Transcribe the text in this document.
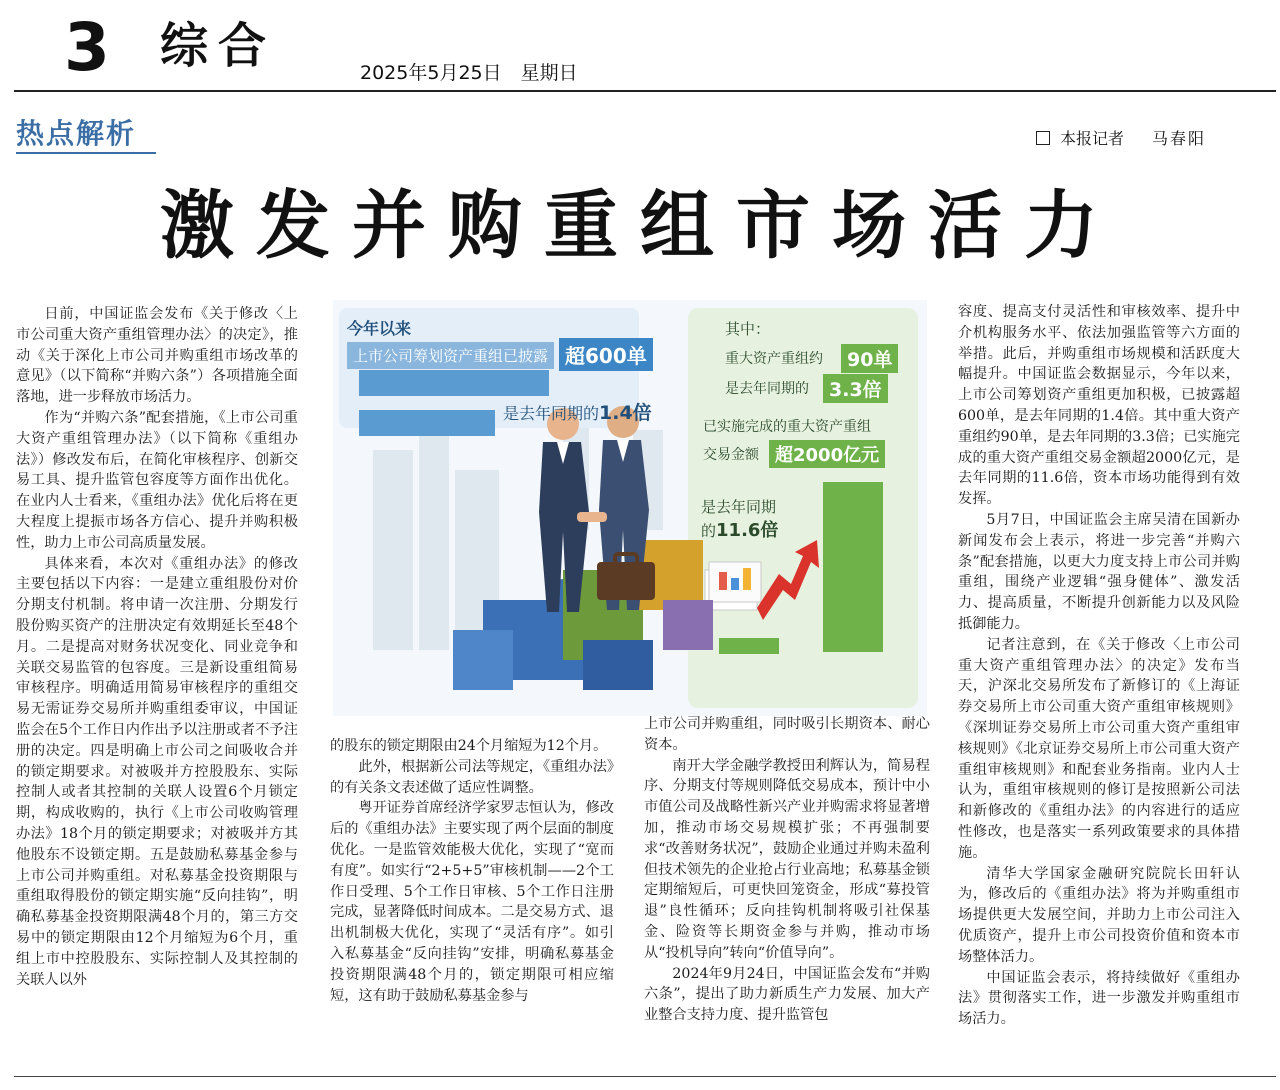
3 综合	2025年5月25日　星期日
热点解析	本报记者 马春阳
激发并购重组市场活力

日前，中国证监会发布《关于修改〈上市公司重大资产重组管理办法〉的决定》，推动《关于深化上市公司并购重组市场改革的意见》（以下简称“并购六条”）各项措施全面落地，进一步释放市场活力。

作为“并购六条”配套措施，《上市公司重大资产重组管理办法》（以下简称《重组办法》）修改发布后，在简化审核程序、创新交易工具、提升监管包容度等方面作出优化。在业内人士看来，《重组办法》优化后将在更大程度上提振市场各方信心、提升并购积极性，助力上市公司高质量发展。

具体来看，本次对《重组办法》的修改主要包括以下内容：一是建立重组股份对价分期支付机制。将申请一次注册、分期发行股份购买资产的注册决定有效期延长至48个月。二是提高对财务状况变化、同业竞争和关联交易监管的包容度。三是新设重组简易审核程序。明确适用简易审核程序的重组交易无需证券交易所并购重组委审议，中国证监会在5个工作日内作出予以注册或者不予注册的决定。四是明确上市公司之间吸收合并的锁定期要求。对被吸并方控股股东、实际控制人或者其控制的关联人设置6个月锁定期，构成收购的，执行《上市公司收购管理办法》18个月的锁定期要求；对被吸并方其他股东不设锁定期。五是鼓励私募基金参与上市公司并购重组。对私募基金投资期限与重组取得股份的锁定期实施“反向挂钩”，明确私募基金投资期限满48个月的，第三方交易中的锁定期限由12个月缩短为6个月，重组上市中控股股东、实际控制人及其控制的关联人以外

今年以来
上市公司筹划资产重组已披露 超600单
是去年同期的1.4倍
其中：
重大资产重组约	90单
是去年同期的	3.3倍
已实施完成的重大资产重组
交易金额 超2000亿元
是去年同期
的11.6倍

的股东的锁定期限由24个月缩短为12个月。

此外，根据新公司法等规定，《重组办法》的有关条文表述做了适应性调整。

粤开证券首席经济学家罗志恒认为，修改后的《重组办法》主要实现了两个层面的制度优化。一是监管效能极大优化，实现了“宽而有度”。如实行“2+5+5”审核机制——2个工作日受理、5个工作日审核、5个工作日注册完成，显著降低时间成本。二是交易方式、退出机制极大优化，实现了“灵活有序”。如引入私募基金“反向挂钩”安排，明确私募基金投资期限满48个月的，锁定期限可相应缩短，这有助于鼓励私募基金参与

上市公司并购重组，同时吸引长期资本、耐心资本。

南开大学金融学教授田利辉认为，简易程序、分期支付等规则降低交易成本，预计中小市值公司及战略性新兴产业并购需求将显著增加，推动市场交易规模扩张；不再强制要求“改善财务状况”，鼓励企业通过并购未盈利但技术领先的企业抢占行业高地；私募基金锁定期缩短后，可更快回笼资金，形成“募投管退”良性循环；反向挂钩机制将吸引社保基金、险资等长期资金参与并购，推动市场从“投机导向”转向“价值导向”。

2024年9月24日，中国证监会发布“并购六条”，提出了助力新质生产力发展、加大产业整合支持力度、提升监管包

容度、提高支付灵活性和审核效率、提升中介机构服务水平、依法加强监管等六方面的举措。此后，并购重组市场规模和活跃度大幅提升。中国证监会数据显示，今年以来，上市公司筹划资产重组更加积极，已披露超600单，是去年同期的1.4倍。其中重大资产重组约90单，是去年同期的3.3倍；已实施完成的重大资产重组交易金额超2000亿元，是去年同期的11.6倍，资本市场功能得到有效发挥。

5月7日，中国证监会主席吴清在国新办新闻发布会上表示，将进一步完善“并购六条”配套措施，以更大力度支持上市公司并购重组，围绕产业逻辑“强身健体”、激发活力、提高质量，不断提升创新能力以及风险抵御能力。

记者注意到，在《关于修改〈上市公司重大资产重组管理办法〉的决定》发布当天，沪深北交易所发布了新修订的《上海证券交易所上市公司重大资产重组审核规则》《深圳证券交易所上市公司重大资产重组审核规则》《北京证券交易所上市公司重大资产重组审核规则》和配套业务指南。业内人士认为，重组审核规则的修订是按照新公司法和新修改的《重组办法》的内容进行的适应性修改，也是落实一系列政策要求的具体措施。

清华大学国家金融研究院院长田轩认为，修改后的《重组办法》将为并购重组市场提供更大发展空间，并助力上市公司注入优质资产，提升上市公司投资价值和资本市场整体活力。

中国证监会表示，将持续做好《重组办法》贯彻落实工作，进一步激发并购重组市场活力。
